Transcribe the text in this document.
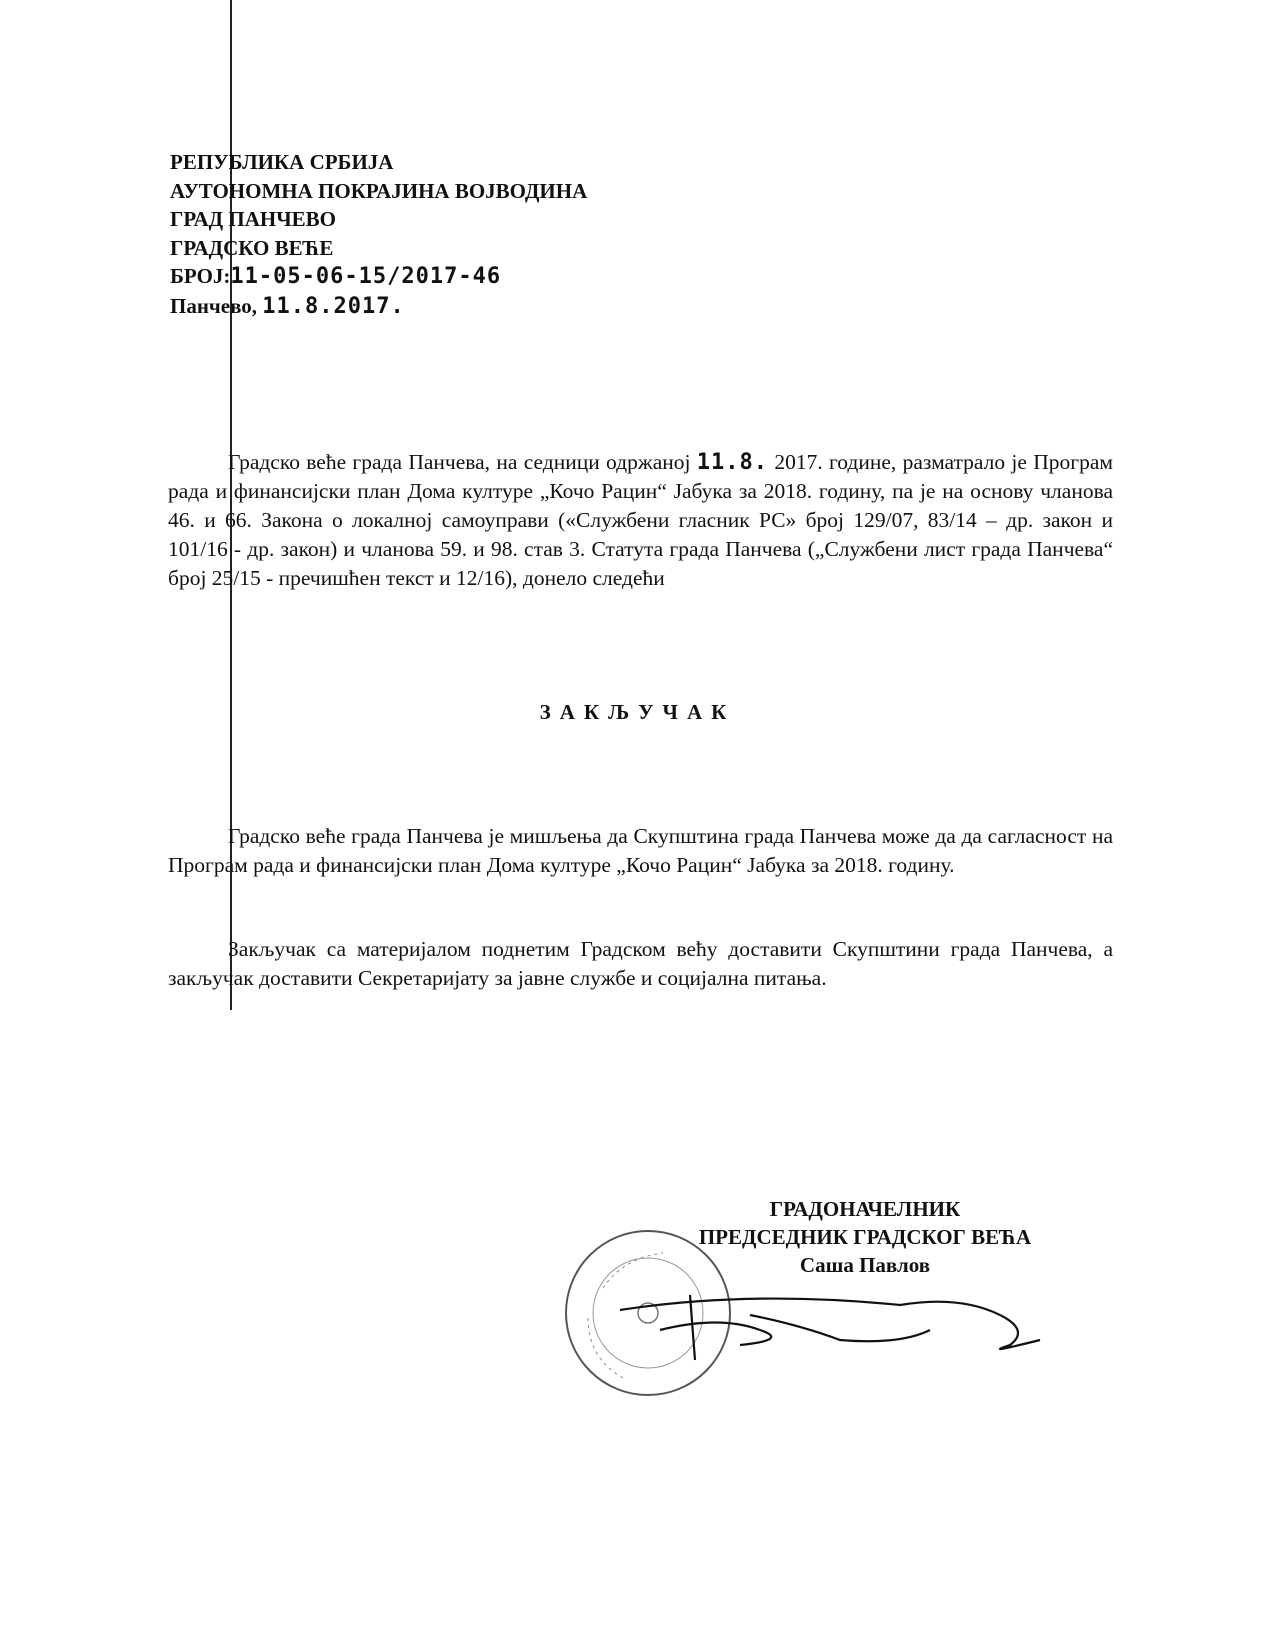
РЕПУБЛИКА СРБИЈА
АУТОНОМНА ПОКРАЈИНА ВОЈВОДИНА
ГРАД ПАНЧЕВО
ГРАДСКО ВЕЋЕ
БРОЈ:11-05-06-15/2017-46
Панчево, 11.8.2017.
Градско веће града Панчева, на седници одржаној 11.8. 2017. године, разматрало је Програм рада и финансијски план Дома културе „Кочо Рацин“ Јабука за 2018. годину, па је на основу чланова 46. и 66. Закона о локалној самоуправи («Службени гласник РС» број 129/07, 83/14 – др. закон и 101/16 - др. закон) и чланова 59. и 98. став 3. Статута града Панчева („Службени лист града Панчева“ број 25/15 - пречишћен текст и 12/16), донело следећи
ЗАКЉУЧАК
Градско веће града Панчева је мишљења да Скупштина града Панчева може да да сагласност на Програм рада и финансијски план Дома културе „Кочо Рацин“ Јабука за 2018. годину.
Закључак са материјалом поднетим Градском већу доставити Скупштини града Панчева, а закључак доставити Секретаријату за јавне службе и социјална питања.
ГРАДОНАЧЕЛНИК
ПРЕДСЕДНИК ГРАДСКОГ ВЕЋА
Саша Павлов
